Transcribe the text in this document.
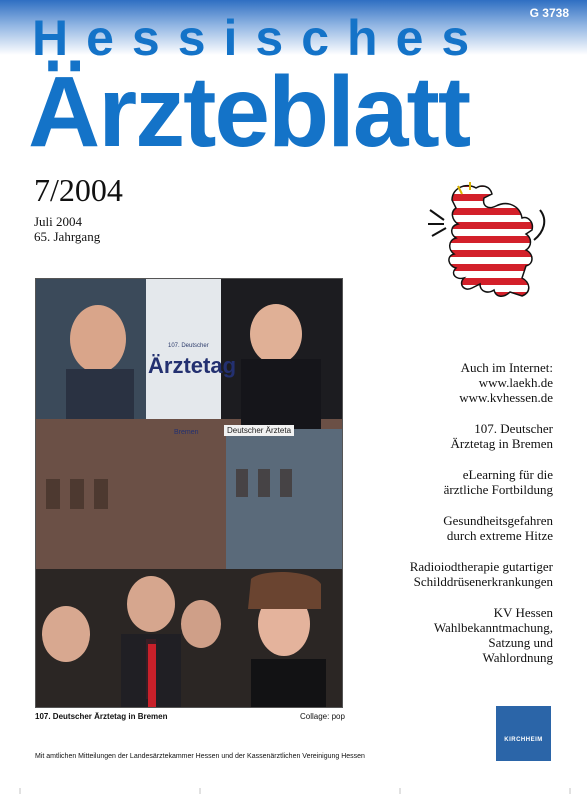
G 3738
Hessisches
Ärzteblatt
7/2004
Juli 2004
65. Jahrgang
107. Deutscher
Ärztetag
Bremen	Deutscher Ärzteta
107. Deutscher Ärztetag in Bremen	Collage: pop
Auch im Internet:
www.laekh.de
www.kvhessen.de
107. Deutscher
Ärztetag in Bremen
eLearning für die
ärztliche Fortbildung
Gesundheitsgefahren
durch extreme Hitze
Radioiodtherapie gutartiger
Schilddrüsenerkrankungen
KV Hessen
Wahlbekanntmachung,
Satzung und
Wahlordnung
KIRCHHEIM
Mit amtlichen Mitteilungen der Landesärztekammer Hessen und der Kassenärztlichen Vereinigung Hessen
